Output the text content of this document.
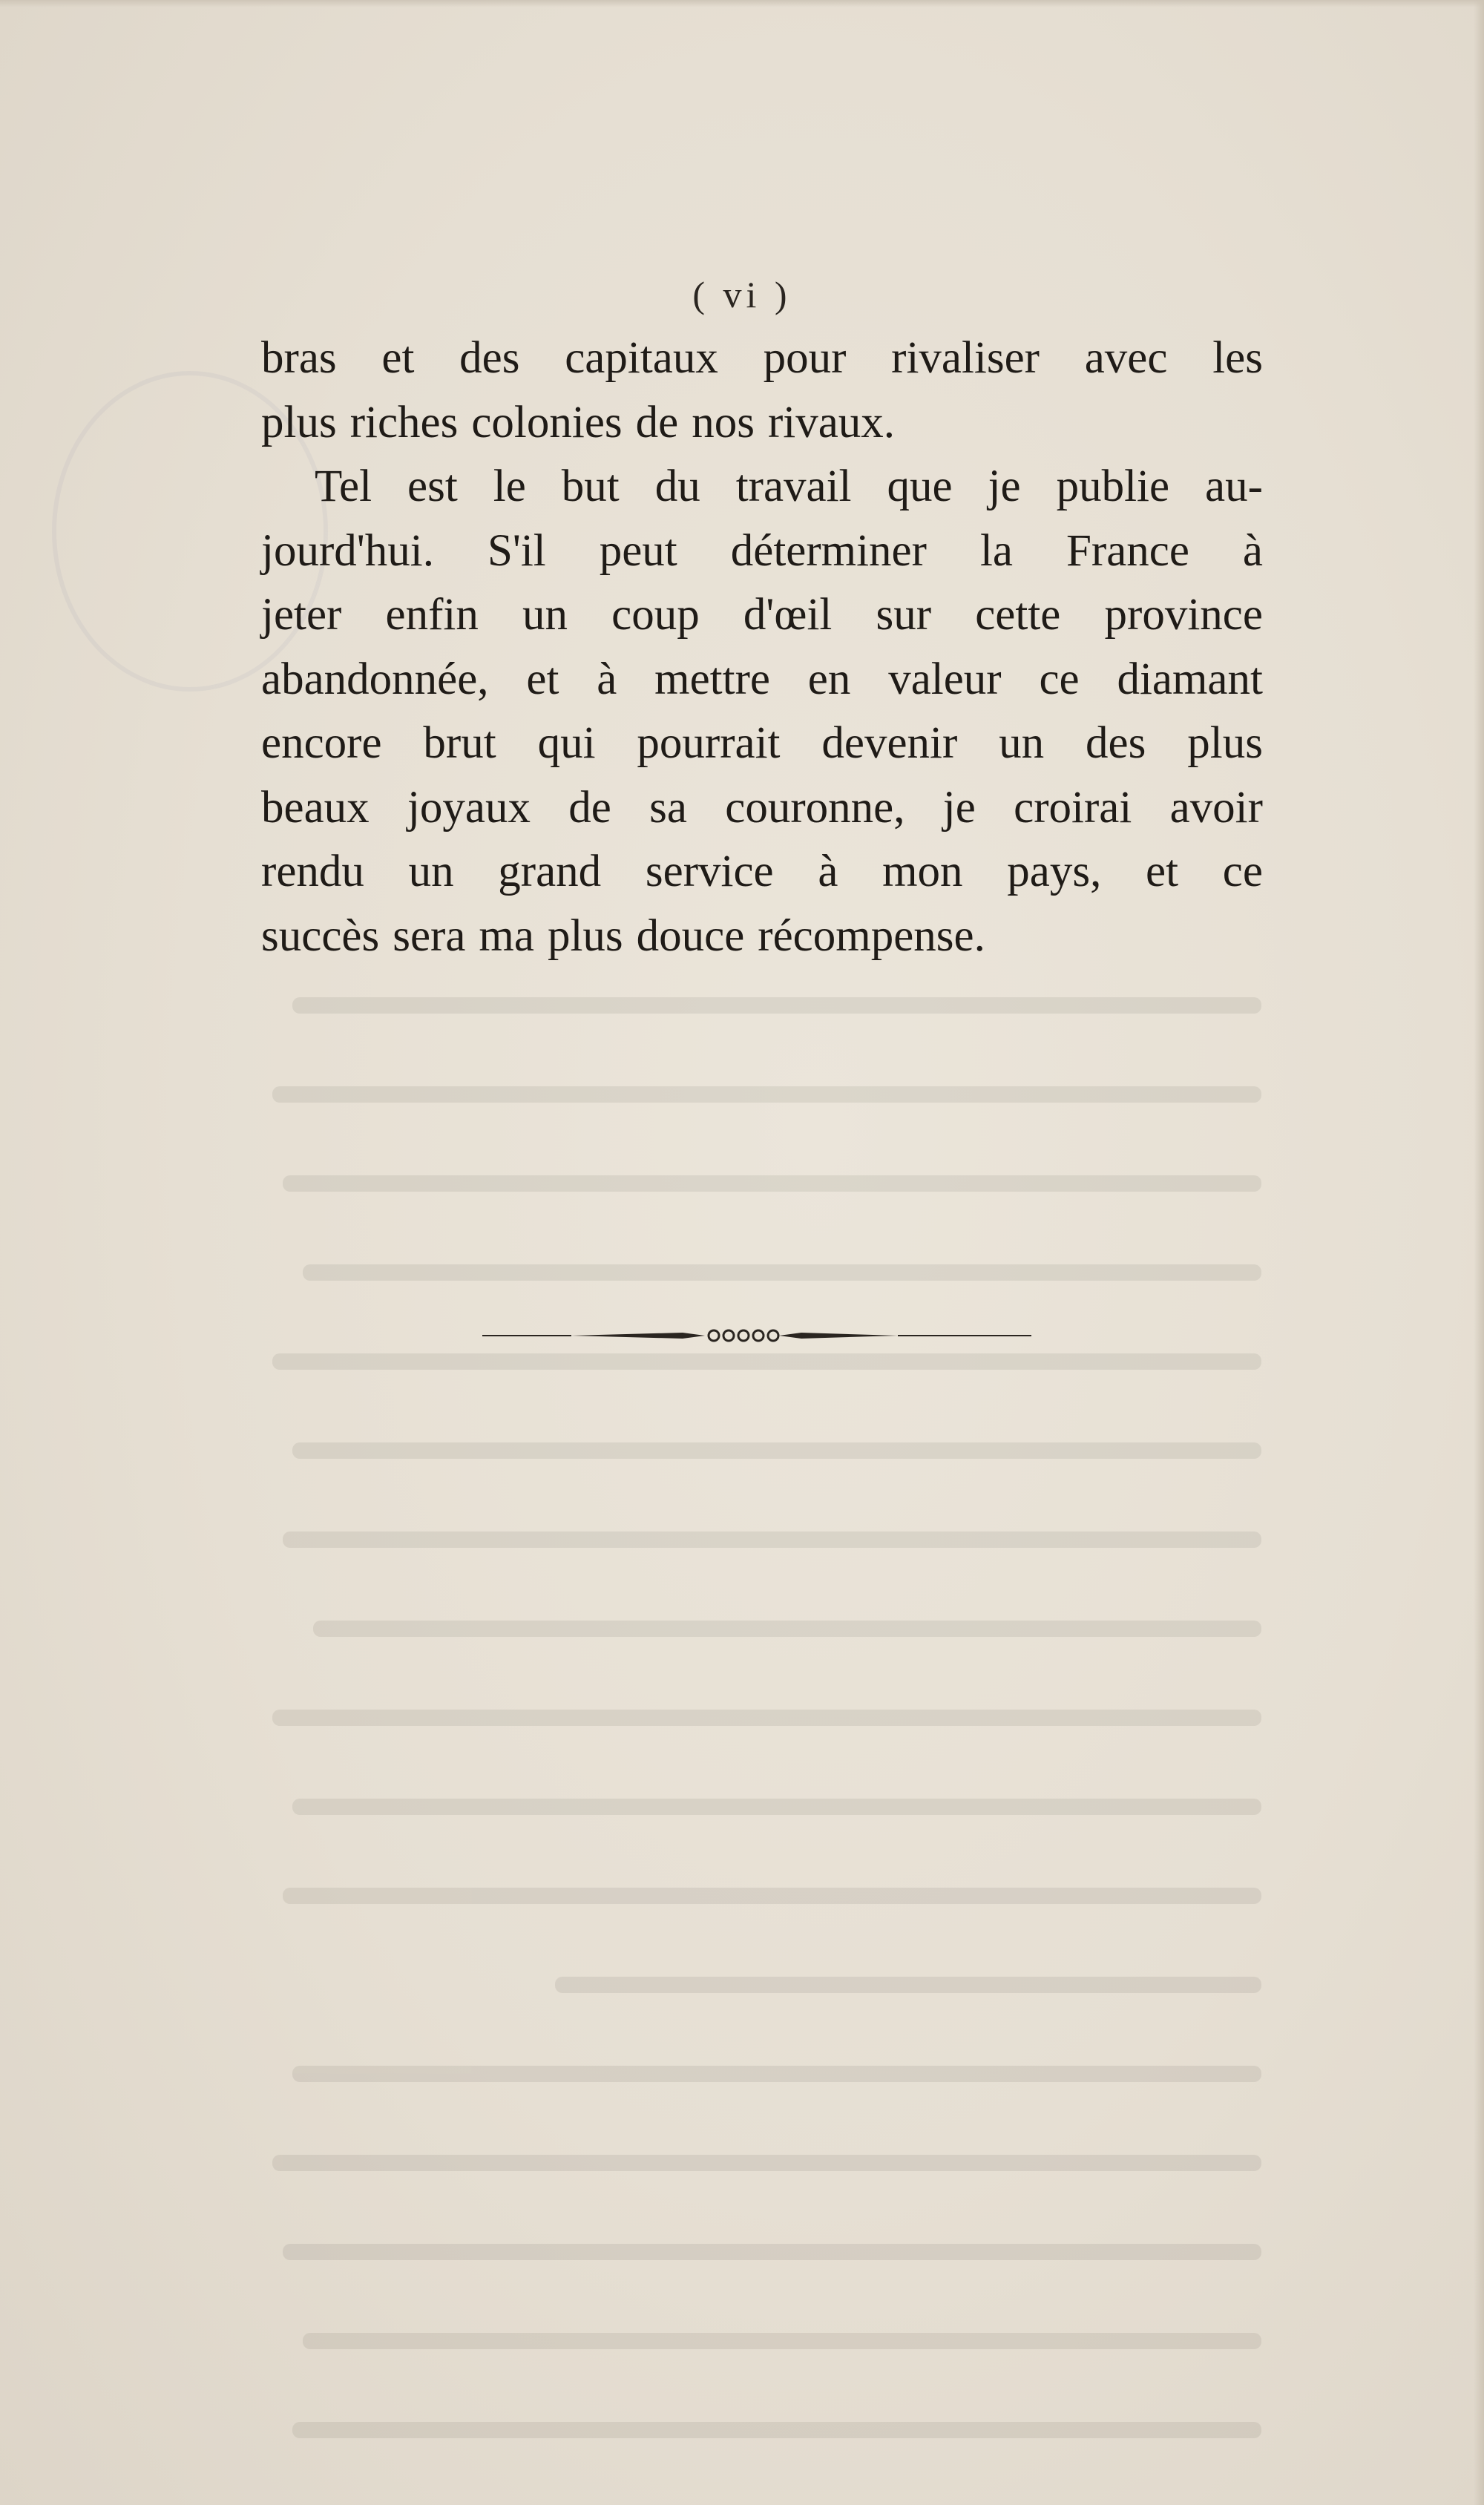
( vi )
bras et des capitaux pour rivaliser avec les
plus riches colonies de nos rivaux.
Tel est le but du travail que je publie au-
jourd'hui. S'il peut déterminer la France à
jeter enfin un coup d'œil sur cette province
abandonnée, et à mettre en valeur ce diamant
encore brut qui pourrait devenir un des plus
beaux joyaux de sa couronne, je croirai avoir
rendu un grand service à mon pays, et ce
succès sera ma plus douce récompense.
